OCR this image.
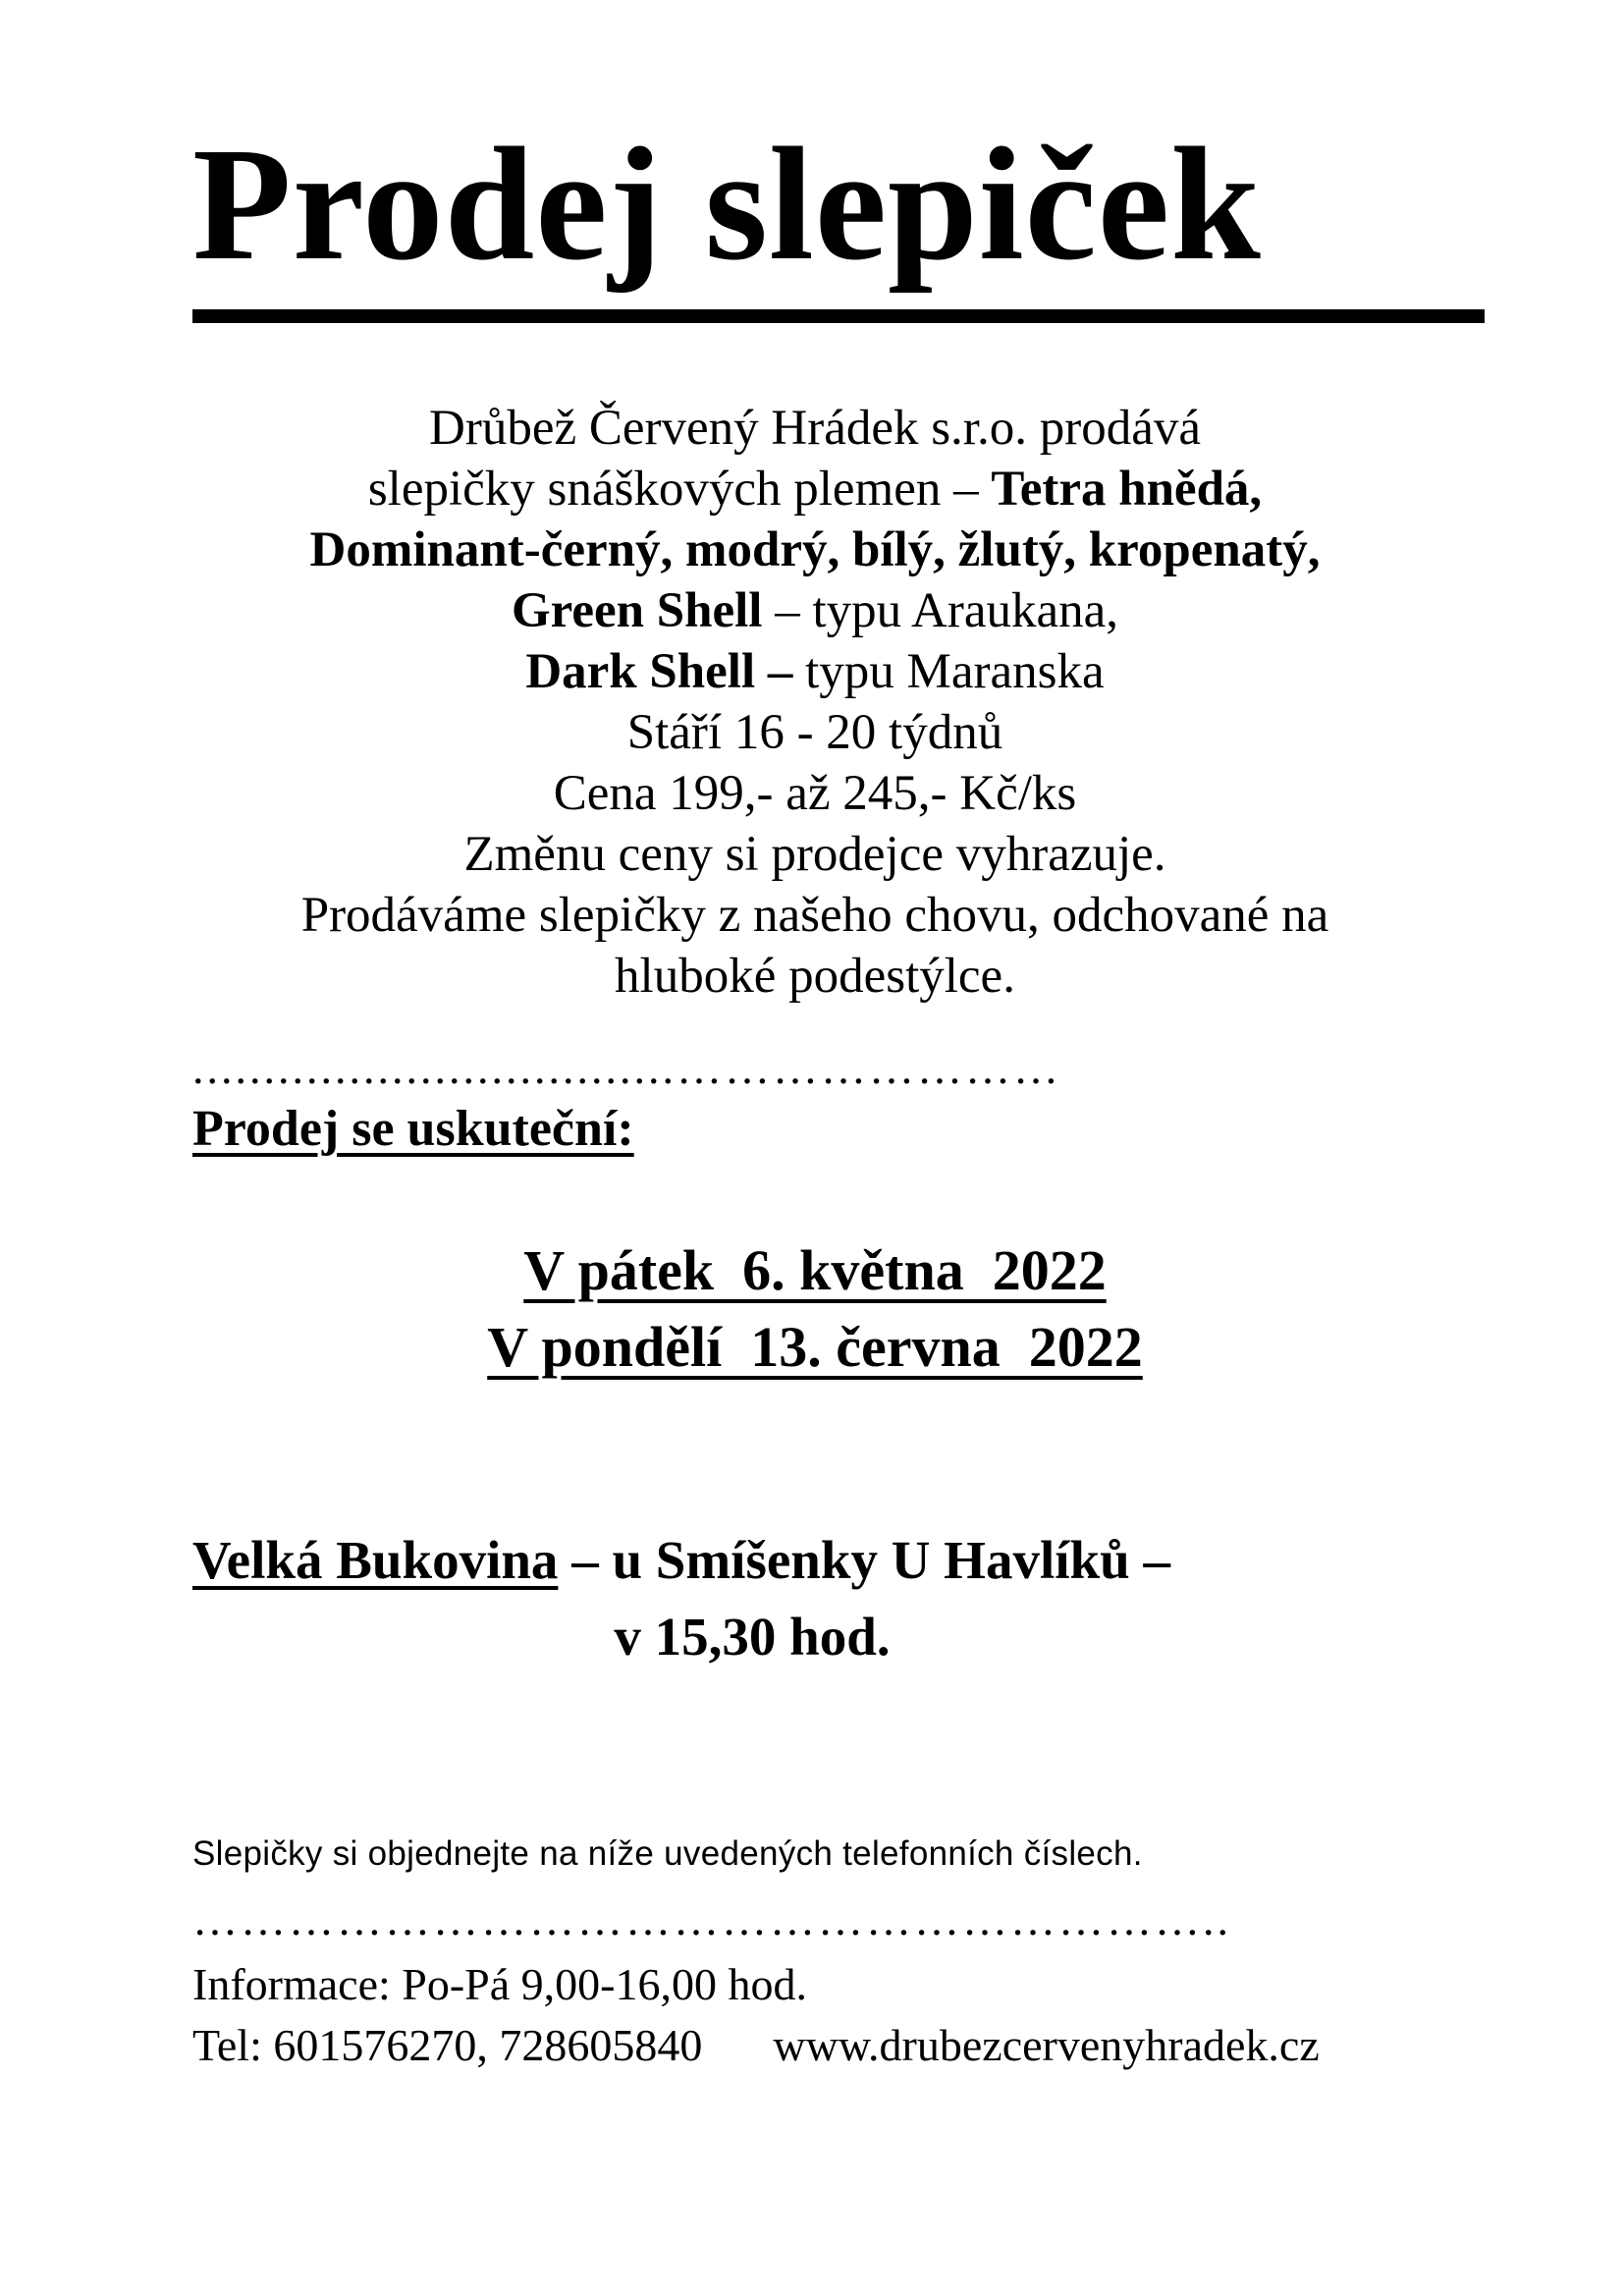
Prodej slepiček
Drůbež Červený Hrádek s.r.o. prodává
slepičky snáškových plemen – Tetra hnědá,
Dominant-černý, modrý, bílý, žlutý, kropenatý,
Green Shell – typu Araukana,
Dark Shell – typu Maranska
Stáří 16 - 20 týdnů
Cena 199,- až 245,- Kč/ks
Změnu ceny si prodejce vyhrazuje.
Prodáváme slepičky z našeho chovu, odchované na
hluboké podestýlce.
..................................……………………
Prodej se uskuteční:
V pátek  6. května  2022
V pondělí  13. června  2022
Velká Bukovina – u Smíšenky U Havlíků –
v 15,30 hod.
Slepičky si objednejte na níže uvedených telefonních číslech.
………………………………………………………..
Informace: Po-Pá 9,00-16,00 hod.
Tel: 601576270, 728605840 www.drubezcervenyhradek.cz
